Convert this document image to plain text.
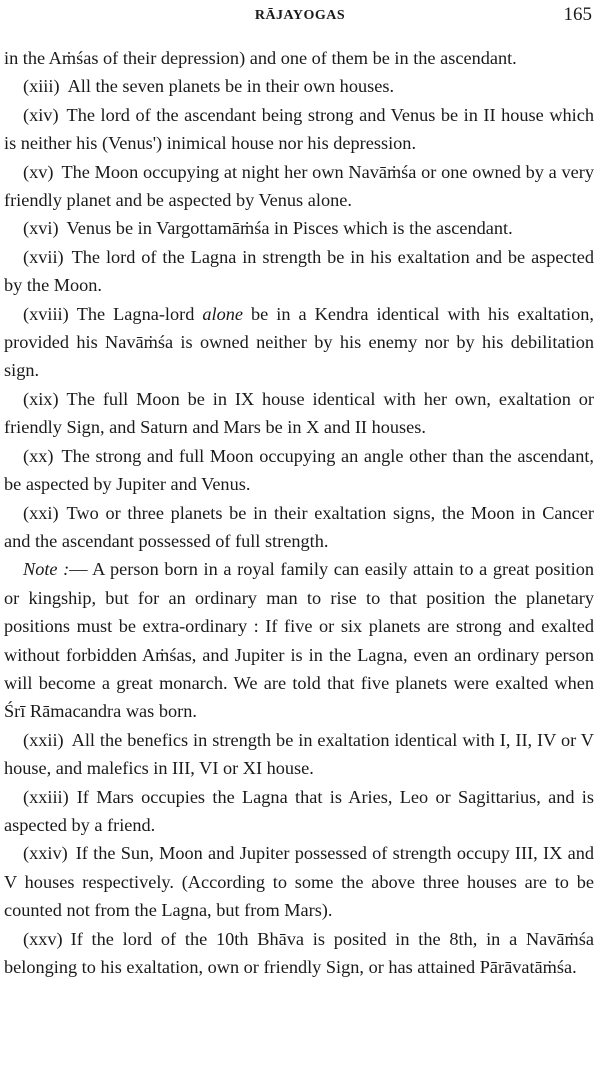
RĀJAYOGAS	165

in the Aṁśas of their depression) and one of them be in the ascendant.

(xiii) All the seven planets be in their own houses.

(xiv) The lord of the ascendant being strong and Venus be in II house which is neither his (Venus') inimical house nor his depression.

(xv) The Moon occupying at night her own Navāṁśa or one owned by a very friendly planet and be aspected by Venus alone.

(xvi) Venus be in Vargottamāṁśa in Pisces which is the ascendant.

(xvii) The lord of the Lagna in strength be in his exaltation and be aspected by the Moon.

(xviii) The Lagna-lord alone be in a Kendra identical with his exaltation, provided his Navāṁśa is owned neither by his enemy nor by his debilitation sign.

(xix) The full Moon be in IX house identical with her own, exaltation or friendly Sign, and Saturn and Mars be in X and II houses.

(xx) The strong and full Moon occupying an angle other than the ascendant, be aspected by Jupiter and Venus.

(xxi) Two or three planets be in their exaltation signs, the Moon in Cancer and the ascendant possessed of full strength.

Note :— A person born in a royal family can easily attain to a great position or kingship, but for an ordinary man to rise to that position the planetary positions must be extra-ordinary : If five or six planets are strong and exalted without forbidden Aṁśas, and Jupiter is in the Lagna, even an ordinary person will become a great monarch. We are told that five planets were exalted when Śrī Rāmacandra was born.

(xxii) All the benefics in strength be in exaltation identical with I, II, IV or V house, and malefics in III, VI or XI house.

(xxiii) If Mars occupies the Lagna that is Aries, Leo or Sagittarius, and is aspected by a friend.

(xxiv) If the Sun, Moon and Jupiter possessed of strength occupy III, IX and V houses respectively. (According to some the above three houses are to be counted not from the Lagna, but from Mars).

(xxv) If the lord of the 10th Bhāva is posited in the 8th, in a Navāṁśa belonging to his exaltation, own or friendly Sign, or has attained Pārāvatāṁśa.
